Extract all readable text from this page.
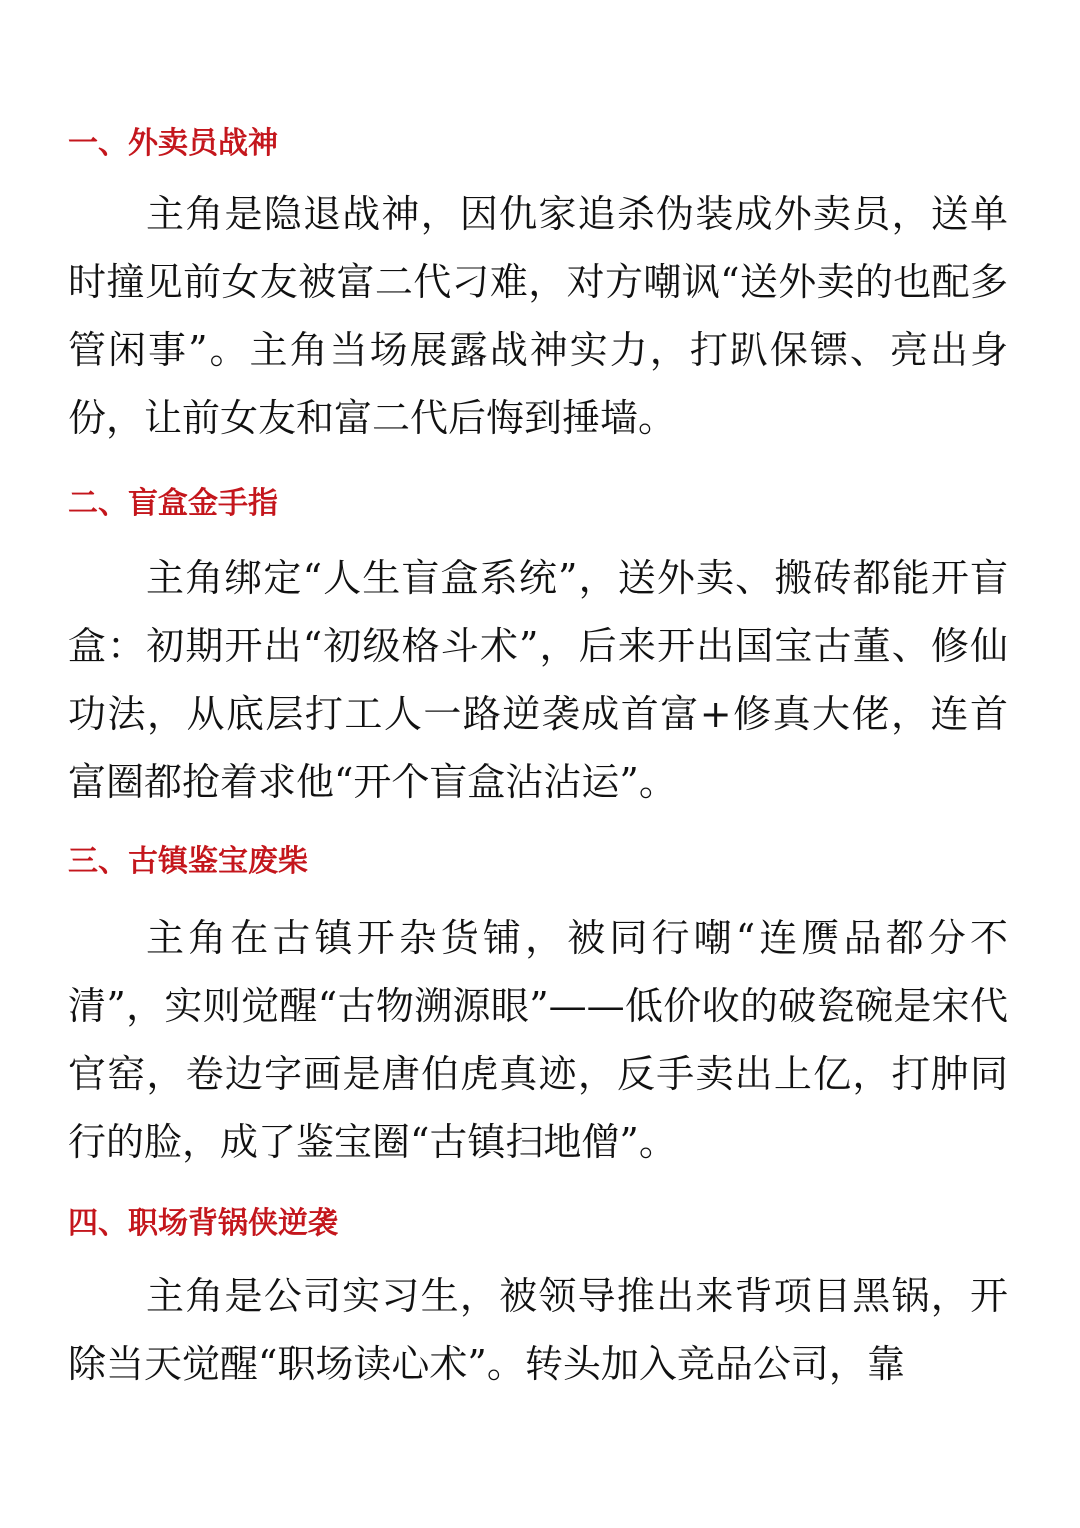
一、外卖员战神

主角是隐退战神，因仇家追杀伪装成外卖员，送单时撞见前女友被富二代刁难，对方嘲讽“送外卖的也配多管闲事”。主角当场展露战神实力，打趴保镖、亮出身份，让前女友和富二代后悔到捶墙。

二、盲盒金手指

主角绑定“人生盲盒系统”，送外卖、搬砖都能开盲盒：初期开出“初级格斗术”，后来开出国宝古董、修仙功法，从底层打工人一路逆袭成首富+修真大佬，连首富圈都抢着求他“开个盲盒沾沾运”。

三、古镇鉴宝废柴

主角在古镇开杂货铺，被同行嘲“连赝品都分不清”，实则觉醒“古物溯源眼”——低价收的破瓷碗是宋代官窑，卷边字画是唐伯虎真迹，反手卖出上亿，打肿同行的脸，成了鉴宝圈“古镇扫地僧”。

四、职场背锅侠逆袭

主角是公司实习生，被领导推出来背项目黑锅，开除当天觉醒“职场读心术”。转头加入竞品公司，靠
